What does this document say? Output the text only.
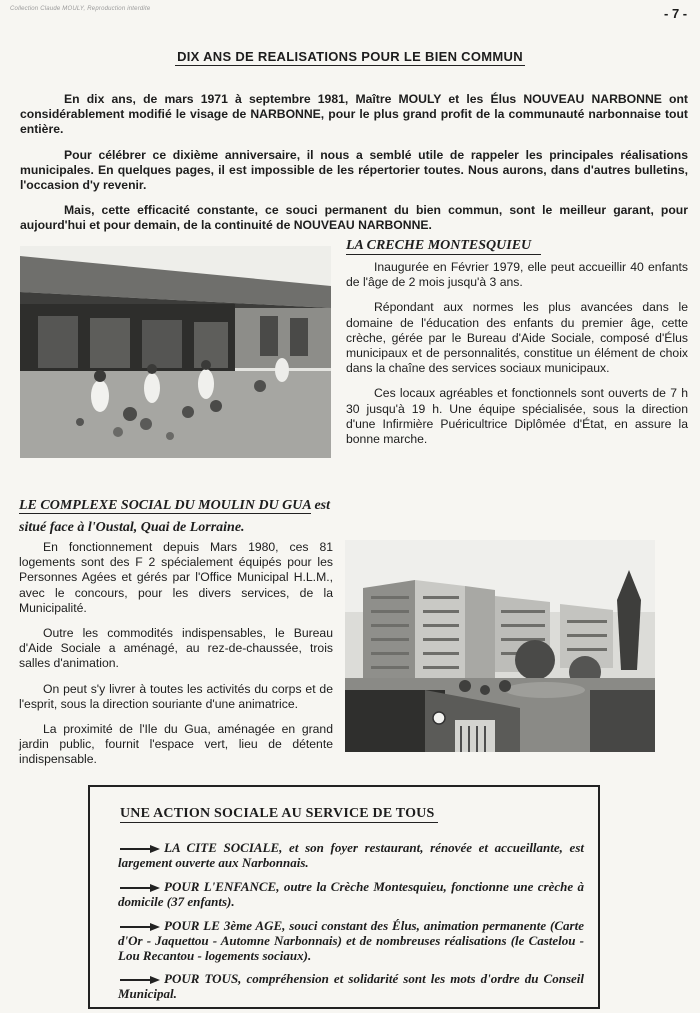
Collection Claude MOULY, Reproduction interdite	- 7 -
DIX ANS DE REALISATIONS POUR LE BIEN COMMUN

En dix ans, de mars 1971 à septembre 1981, Maître MOULY et les Élus NOUVEAU NARBONNE ont considérablement modifié le visage de NARBONNE, pour le plus grand profit de la communauté narbonnaise tout entière.

Pour célébrer ce dixième anniversaire, il nous a semblé utile de rappeler les principales réalisations municipales. En quelques pages, il est impossible de les répertorier toutes. Nous aurons, dans d'autres bulletins, l'occasion d'y revenir.

Mais, cette efficacité constante, ce souci permanent du bien commun, sont le meilleur garant, pour aujourd'hui et pour demain, de la continuité de NOUVEAU NARBONNE.

LA CRECHE MONTESQUIEU

Inaugurée en Février 1979, elle peut accueillir 40 enfants de l'âge de 2 mois jusqu'à 3 ans.

Répondant aux normes les plus avancées dans le domaine de l'éducation des enfants du premier âge, cette crèche, gérée par le Bureau d'Aide Sociale, composé d'Élus municipaux et de personnalités, constitue un élément de choix dans la chaîne des services sociaux municipaux.

Ces locaux agréables et fonctionnels sont ouverts de 7 h 30 jusqu'à 19 h. Une équipe spécialisée, sous la direction d'une Infirmière Puéricultrice Diplômée d'État, en assure la bonne marche.

LE COMPLEXE SOCIAL DU MOULIN DU GUA est situé face à l'Oustal, Quai de Lorraine.

En fonctionnement depuis Mars 1980, ces 81 logements sont des F 2 spécialement équipés pour les Personnes Agées et gérés par l'Office Municipal H.L.M., avec le concours, pour les divers services, de la Municipalité.

Outre les commodités indispensables, le Bureau d'Aide Sociale a aménagé, au rez-de-chaussée, trois salles d'animation.

On peut s'y livrer à toutes les activités du corps et de l'esprit, sous la direction souriante d'une animatrice.

La proximité de l'Ile du Gua, aménagée en grand jardin public, fournit l'espace vert, lieu de détente indispensable.

UNE ACTION SOCIALE AU SERVICE DE TOUS
LA CITE SOCIALE, et son foyer restaurant, rénovée et accueillante, est largement ouverte aux Narbonnais.
POUR L'ENFANCE, outre la Crèche Montesquieu, fonctionne une crèche à domicile (37 enfants).
POUR LE 3ème AGE, souci constant des Élus, animation permanente (Carte d'Or - Jaquettou - Automne Narbonnais) et de nombreuses réalisations (le Castelou - Lou Recantou - logements sociaux).
POUR TOUS, compréhension et solidarité sont les mots d'ordre du Conseil Municipal.
